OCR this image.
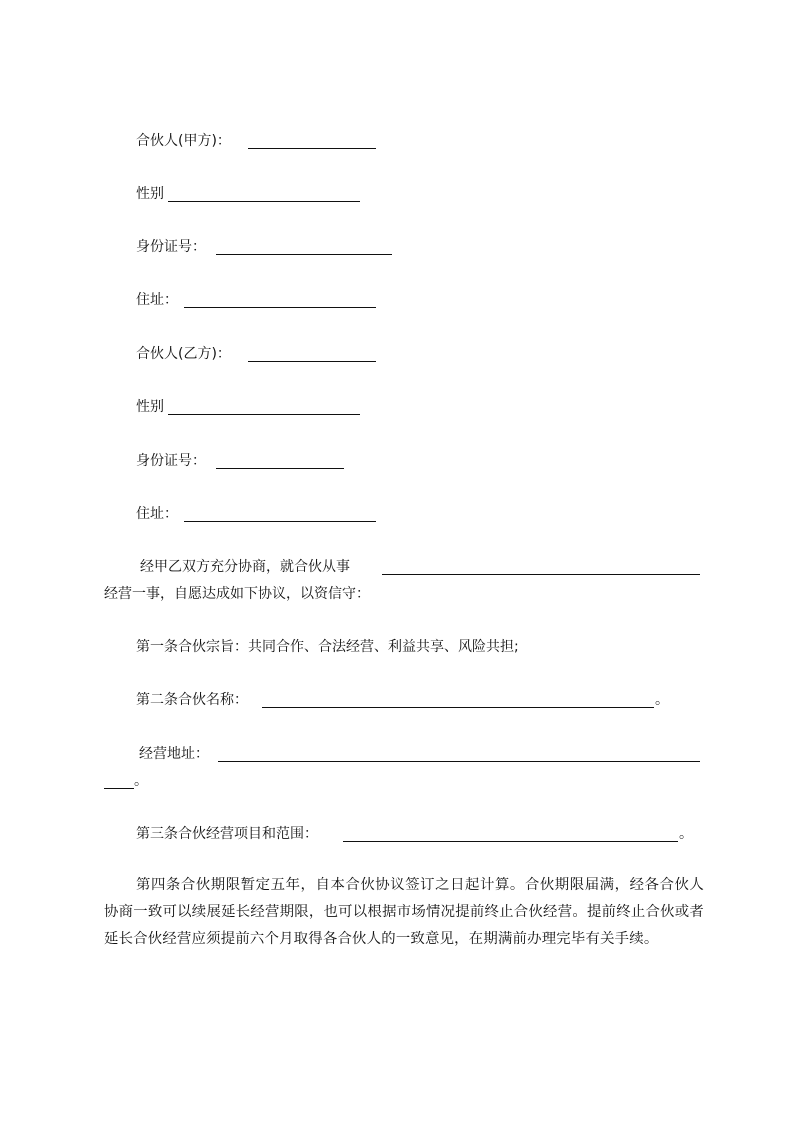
合伙人(甲方)：
性别
身份证号：
住址：
合伙人(乙方)：
性别
身份证号：
住址：
经甲乙双方充分协商，就合伙从事
经营一事，自愿达成如下协议，以资信守：
第一条合伙宗旨：共同合作、合法经营、利益共享、风险共担;
第二条合伙名称：	。
经营地址：
。
第三条合伙经营项目和范围：	。
第四条合伙期限暂定五年，自本合伙协议签订之日起计算。合伙期限届满，经各合伙人协商一致可以续展延长经营期限，也可以根据市场情况提前终止合伙经营。提前终止合伙或者延长合伙经营应须提前六个月取得各合伙人的一致意见，在期满前办理完毕有关手续。
